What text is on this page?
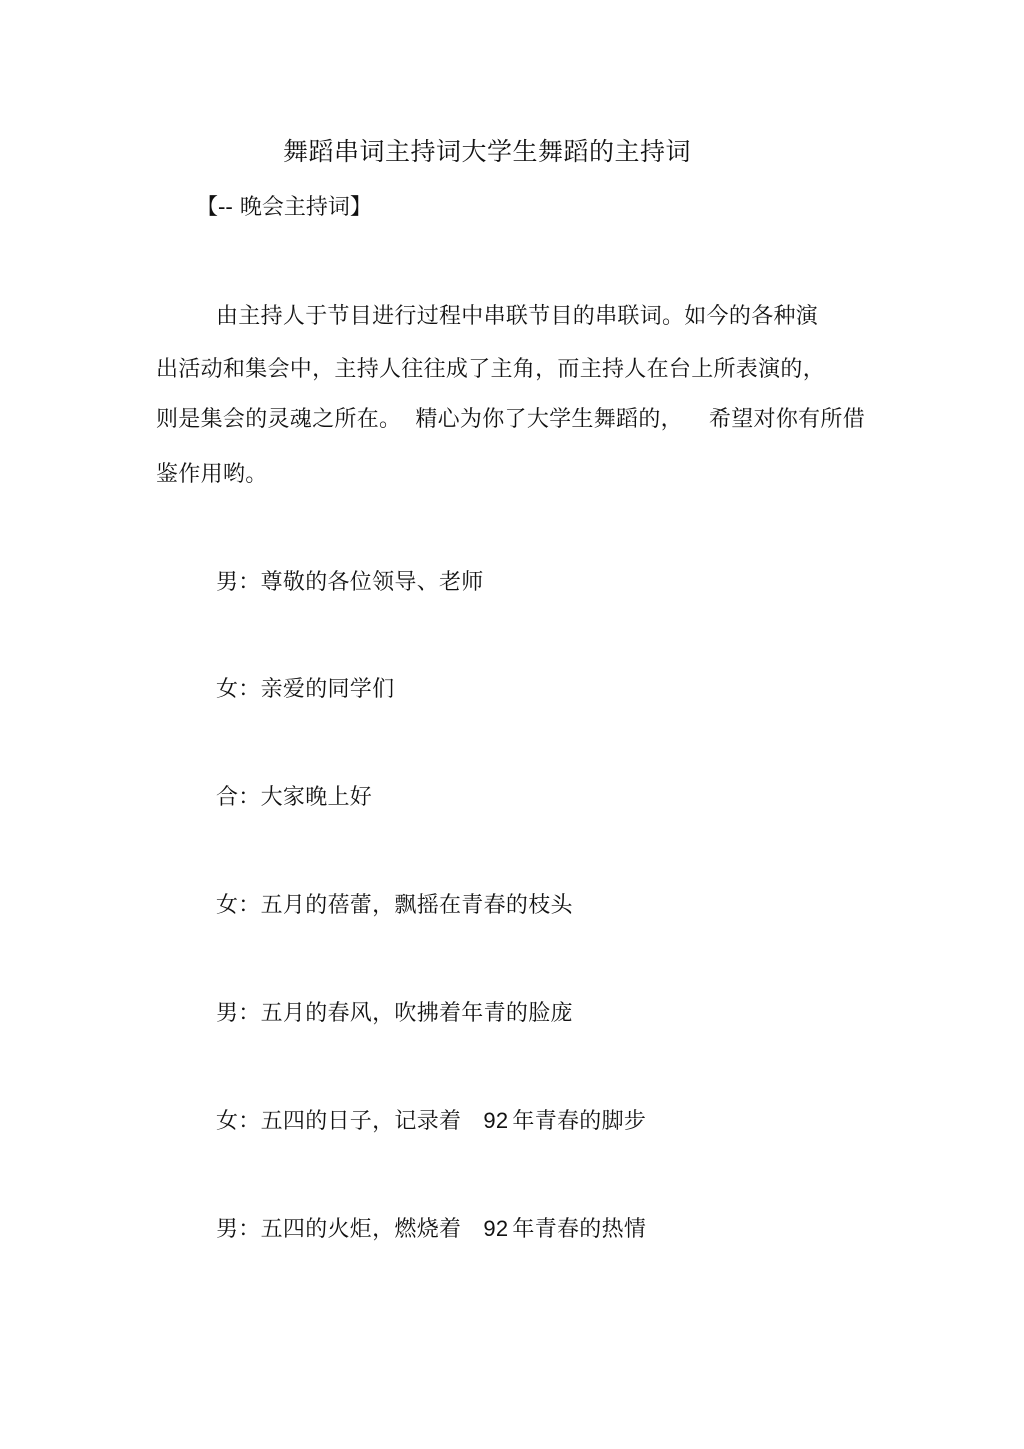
舞蹈串词主持词大学生舞蹈的主持词
【-- 晚会主持词】
由主持人于节目进行过程中串联节目的串联词。如今的各种演
出活动和集会中，主持人往往成了主角，而主持人在台上所表演的，
则是集会的灵魂之所在。 精心为你了大学生舞蹈的， 希望对你有所借
鉴作用哟。
男：尊敬的各位领导、老师
女：亲爱的同学们
合：大家晚上好
女：五月的蓓蕾，飘摇在青春的枝头
男：五月的春风，吹拂着年青的脸庞
女：五四的日子，记录着 92 年青春的脚步
男：五四的火炬，燃烧着 92 年青春的热情
